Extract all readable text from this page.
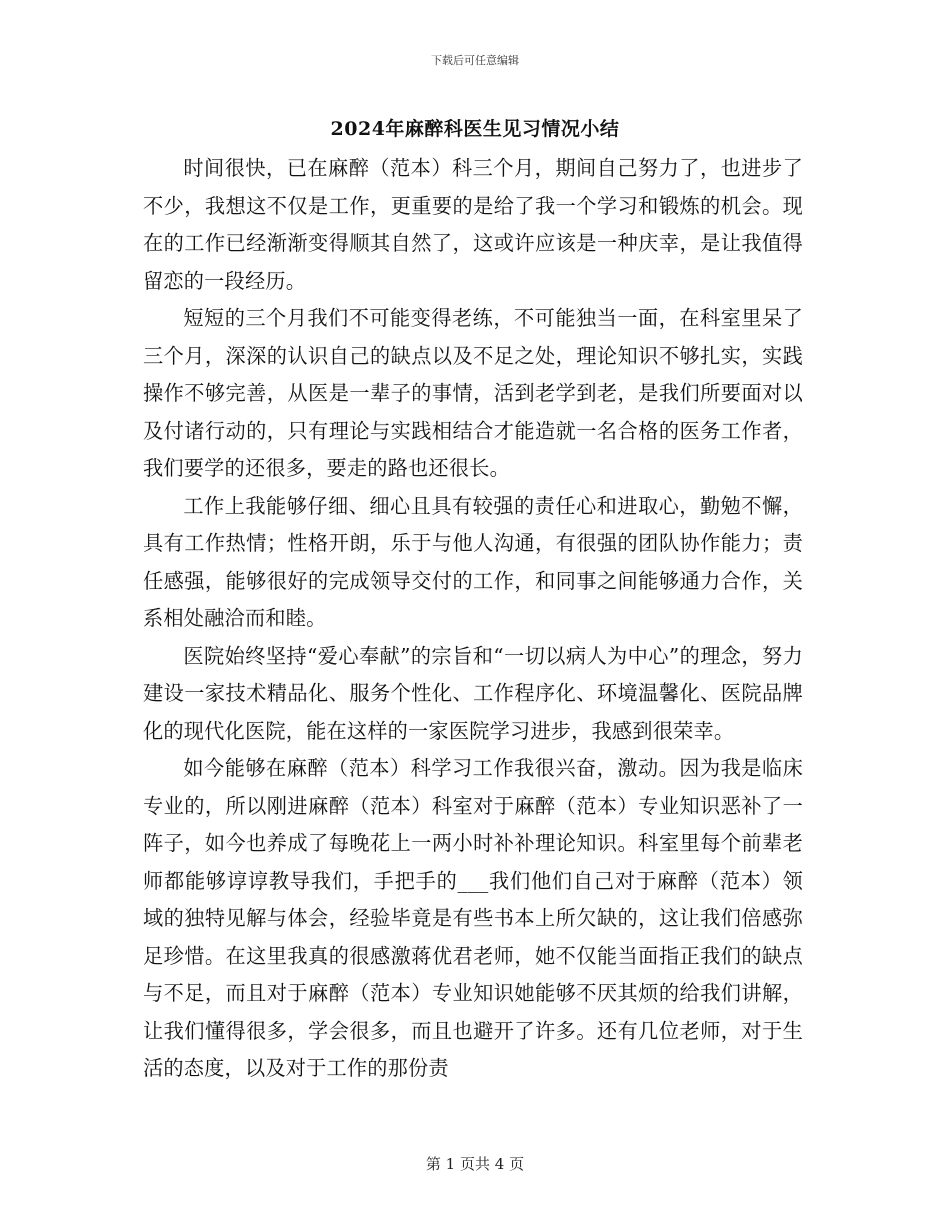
下载后可任意编辑
2024年麻醉科医生见习情况小结

时间很快，已在麻醉（范本）科三个月，期间自己努力了，也进步了不少，我想这不仅是工作，更重要的是给了我一个学习和锻炼的机会。现在的工作已经渐渐变得顺其自然了，这或许应该是一种庆幸，是让我值得留恋的一段经历。

短短的三个月我们不可能变得老练，不可能独当一面，在科室里呆了三个月，深深的认识自己的缺点以及不足之处，理论知识不够扎实，实践操作不够完善，从医是一辈子的事情，活到老学到老，是我们所要面对以及付诸行动的，只有理论与实践相结合才能造就一名合格的医务工作者，我们要学的还很多，要走的路也还很长。

工作上我能够仔细、细心且具有较强的责任心和进取心，勤勉不懈，具有工作热情；性格开朗，乐于与他人沟通，有很强的团队协作能力；责任感强，能够很好的完成领导交付的工作，和同事之间能够通力合作，关系相处融洽而和睦。

医院始终坚持“爱心奉献”的宗旨和“一切以病人为中心”的理念，努力建设一家技术精品化、服务个性化、工作程序化、环境温馨化、医院品牌化的现代化医院，能在这样的一家医院学习进步，我感到很荣幸。

如今能够在麻醉（范本）科学习工作我很兴奋，激动。因为我是临床专业的，所以刚进麻醉（范本）科室对于麻醉（范本）专业知识恶补了一阵子，如今也养成了每晚花上一两小时补补理论知识。科室里每个前辈老师都能够谆谆教导我们，手把手的___我们他们自己对于麻醉（范本）领域的独特见解与体会，经验毕竟是有些书本上所欠缺的，这让我们倍感弥足珍惜。在这里我真的很感激蒋优君老师，她不仅能当面指正我们的缺点与不足，而且对于麻醉（范本）专业知识她能够不厌其烦的给我们讲解，让我们懂得很多，学会很多，而且也避开了许多。还有几位老师，对于生活的态度，以及对于工作的那份责

第 1 页共 4 页
